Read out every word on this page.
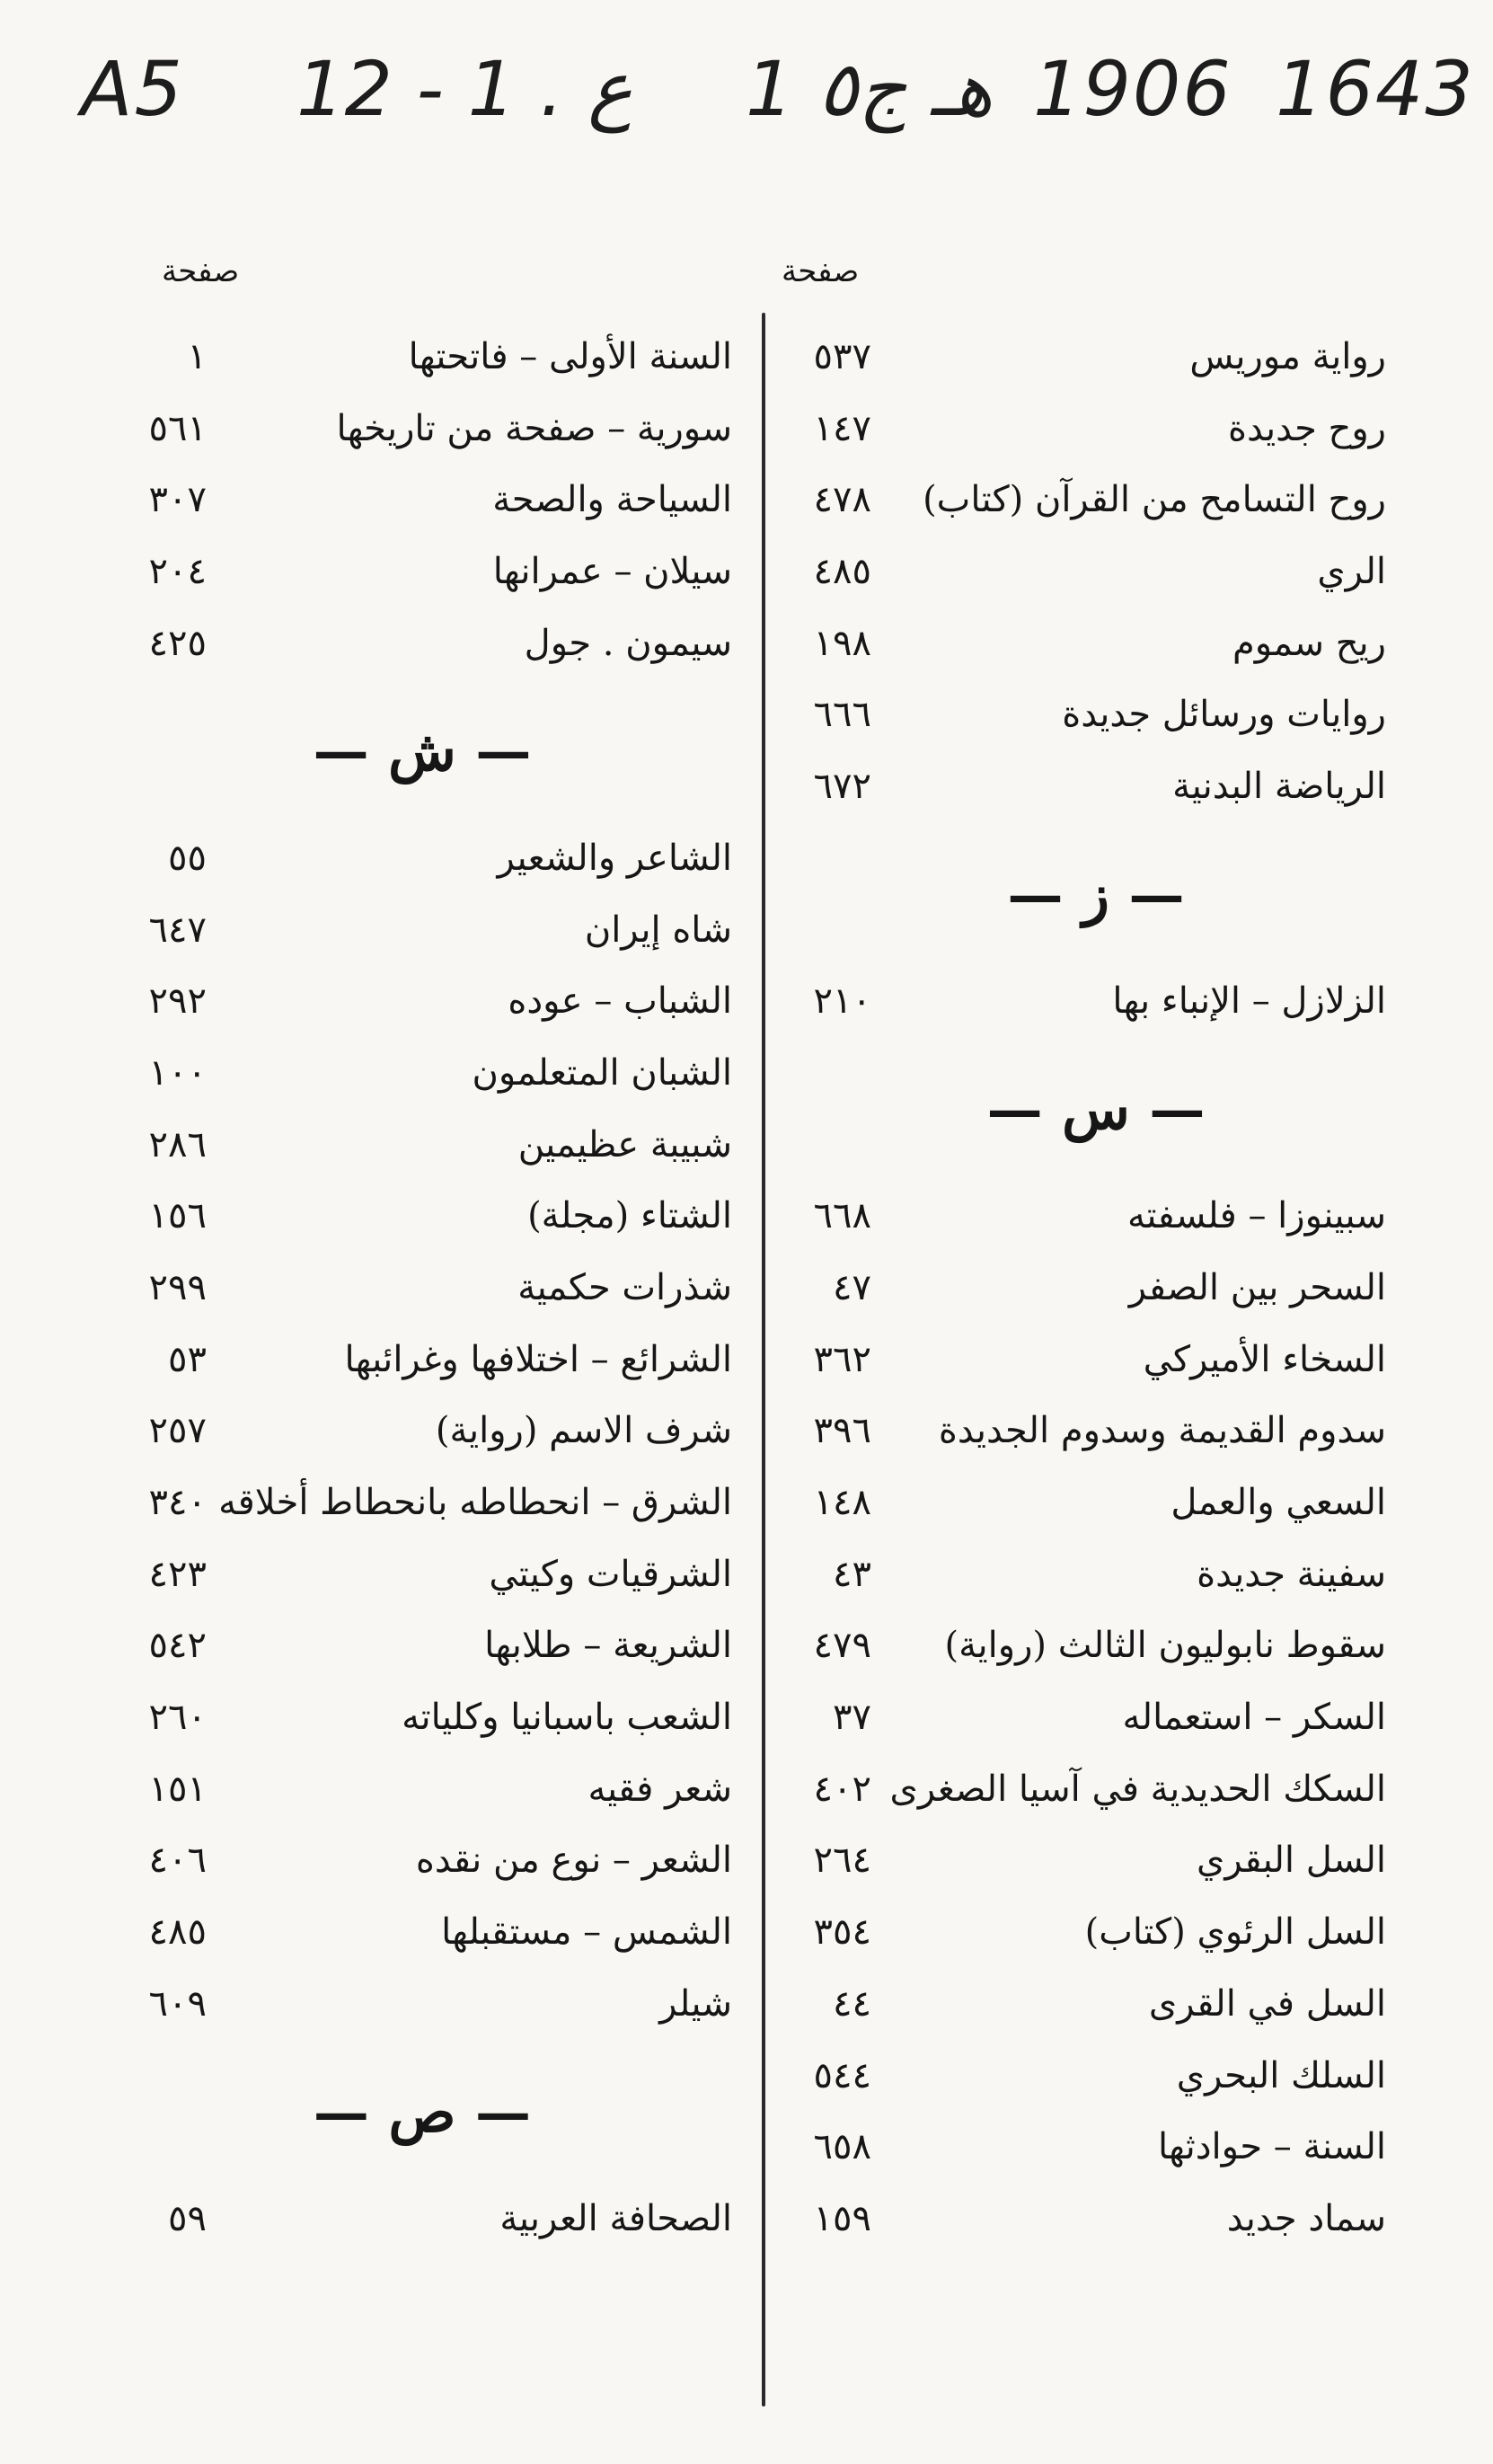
A5 12 - 1 . ع 1 هـ ج٥ 1906 1643
صفحة
صفحة
رواية موريس
٥٣٧
روح جديدة
١٤٧
روح التسامح من القرآن (كتاب)
٤٧٨
الري
٤٨٥
ريح سموم
١٩٨
روايات ورسائل جديدة
٦٦٦
الرياضة البدنية
٦٧٢
— ز —
الزلازل – الإنباء بها
٢١٠
— س —
سبينوزا – فلسفته
٦٦٨
السحر بين الصفر
٤٧
السخاء الأميركي
٣٦٢
سدوم القديمة وسدوم الجديدة
٣٩٦
السعي والعمل
١٤٨
سفينة جديدة
٤٣
سقوط نابوليون الثالث (رواية)
٤٧٩
السكر – استعماله
٣٧
السكك الحديدية في آسيا الصغرى
٤٠٢
السل البقري
٢٦٤
السل الرئوي (كتاب)
٣٥٤
السل في القرى
٤٤
السلك البحري
٥٤٤
السنة – حوادثها
٦٥٨
سماد جديد
١٥٩
السنة الأولى – فاتحتها
١
سورية – صفحة من تاريخها
٥٦١
السياحة والصحة
٣٠٧
سيلان – عمرانها
٢٠٤
سيمون . جول
٤٢٥
— ش —
الشاعر والشعير
٥٥
شاه إيران
٦٤٧
الشباب – عوده
٢٩٢
الشبان المتعلمون
١٠٠
شبيبة عظيمين
٢٨٦
الشتاء (مجلة)
١٥٦
شذرات حكمية
٢٩٩
الشرائع – اختلافها وغرائبها
٥٣
شرف الاسم (رواية)
٢٥٧
الشرق – انحطاطه بانحطاط أخلاقه
٣٤٠
الشرقيات وكيتي
٤٢٣
الشريعة – طلابها
٥٤٢
الشعب باسبانيا وكلياته
٢٦٠
شعر فقيه
١٥١
الشعر – نوع من نقده
٤٠٦
الشمس – مستقبلها
٤٨٥
شيلر
٦٠٩
— ص —
الصحافة العربية
٥٩
